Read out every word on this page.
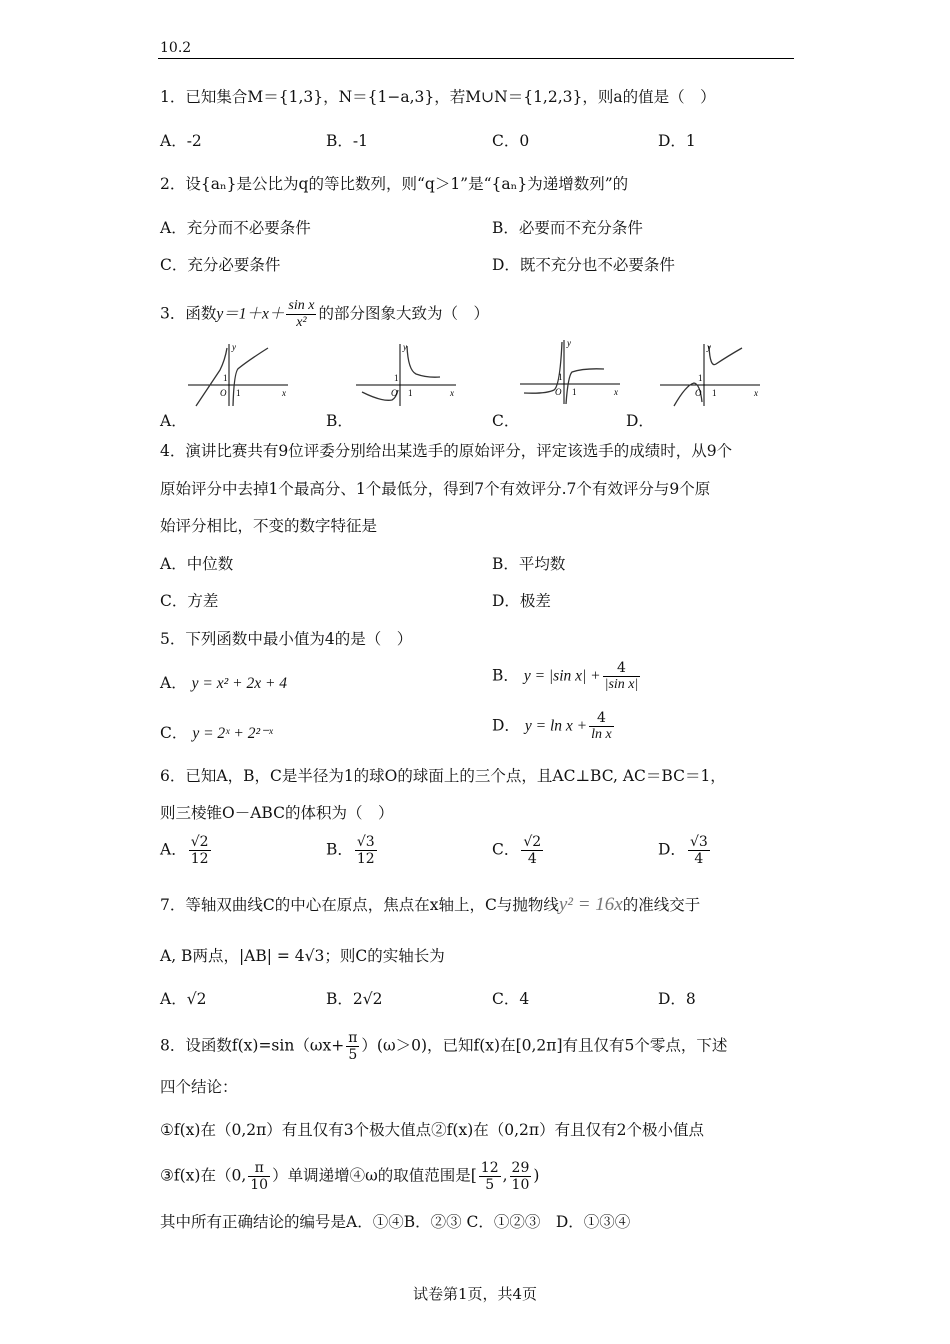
10.2
1．已知集合M＝{1,3}，N＝{1−a,3}，若M∪N＝{1,2,3}，则a的值是（　）
A．-2	B．-1	C．0	D．1
2．设{aₙ}是公比为q的等比数列，则“q＞1”是“{aₙ}为递增数列”的
A．充分而不必要条件	B．必要而不充分条件
C．充分必要条件	D．既不充分也不必要条件
3．函数$y=1+x+ \frac{\text{sin x}}{\text{x²}}$ 的部分图象大致为（　）
A．	B．	C．	D．
y
x
O 1
1
y
x
O 1
1
y
x
O 1
1
y
x
O 1
1
4．演讲比赛共有9位评委分别给出某选手的原始评分，评定该选手的成绩时，从9个
原始评分中去掉1个最高分、1个最低分，得到7个有效评分.7个有效评分与9个原
始评分相比，不变的数字特征是
A．中位数	B．平均数
C．方差	D．极差
5．下列函数中最小值为4的是（　）
A． y = x² + 2x + 4	B． y = |sin $x| + \frac{4}{\text{|sin x|}}$
C． y = 2ˣ + 2²⁻ˣ	D． $y = \ln x + \frac{4}{\text{ln x}}$
6．已知A，B，C是半径为1的球O的球面上的三个点，且AC⊥BC, AC＝BC＝1，
则三棱锥O－ABC的体积为（　）
A． $\frac{√2}{12}$	B． $\frac{√3}{12}$	C． $\frac{√2}{4}$	D． $\frac{√3}{4}$
7．等轴双曲线C的中心在原点，焦点在x轴上，C与抛物线y² = 16x的准线交于
A, B两点，|AB| = 4√3；则C的实轴长为
A．√2	B．2√2	C．4	D．8
8．设函数$f(x)=\sin(\omega x+ \frac{\pi}{5} )(\omega>0)$，已知f(x)在[0,2π]有且仅有5个零点，下述
四个结论：
①f(x)在（0,2π）有且仅有3个极大值点②f(x)在（0,2π）有且仅有2个极小值点
③f(x)在（0, $\frac{\pi}{10}$ ）单调递增④ω的取值范围是[ $\frac{12}{5}$ , $\frac{29}{10}$ )
其中所有正确结论的编号是A．①④B．②③ C．①②③　D．①③④
试卷第1页，共4页
